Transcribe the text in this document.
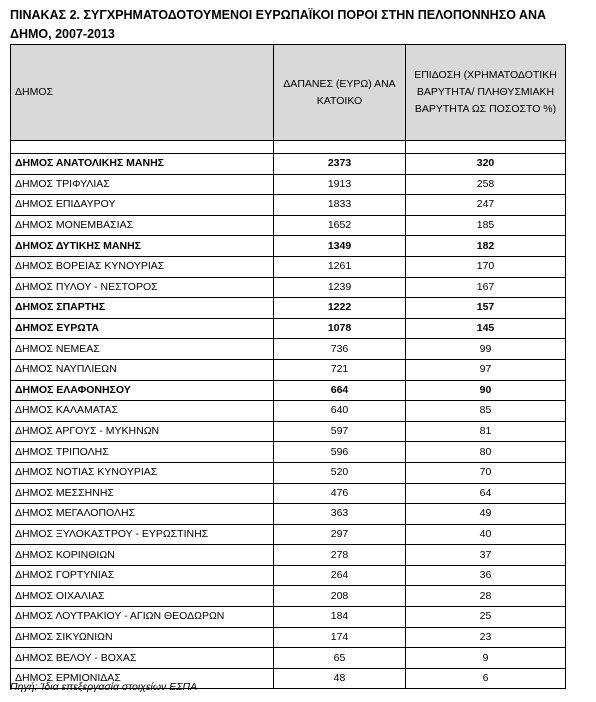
ΠΙΝΑΚΑΣ 2. ΣΥΓΧΡΗΜΑΤΟΔΟΤΟΥΜΕΝΟΙ ΕΥΡΩΠΑΪΚΟΙ ΠΟΡΟΙ ΣΤΗΝ ΠΕΛΟΠΟΝΝΗΣΟ ΑΝΑ ΔΗΜΟ, 2007-2013
ΔΗΜΟΣ	ΔΑΠΑΝΕΣ (ΕΥΡΩ) ΑΝΑ ΚΑΤΟΙΚΟ	ΕΠΙΔΟΣΗ (ΧΡΗΜΑΤΟΔΟΤΙΚΗ ΒΑΡΥΤΗΤΑ/ ΠΛΗΘΥΣΜΙΑΚΗ ΒΑΡΥΤΗΤΑ ΩΣ ΠΟΣΟΣΤΟ %)

ΔΗΜΟΣ ΑΝΑΤΟΛΙΚΗΣ ΜΑΝΗΣ	2373	320
ΔΗΜΟΣ ΤΡΙΦΥΛΙΑΣ	1913	258
ΔΗΜΟΣ ΕΠΙΔΑΥΡΟΥ	1833	247
ΔΗΜΟΣ ΜΟΝΕΜΒΑΣΙΑΣ	1652	185
ΔΗΜΟΣ ΔΥΤΙΚΗΣ ΜΑΝΗΣ	1349	182
ΔΗΜΟΣ ΒΟΡΕΙΑΣ ΚΥΝΟΥΡΙΑΣ	1261	170
ΔΗΜΟΣ ΠΥΛΟΥ - ΝΕΣΤΟΡΟΣ	1239	167
ΔΗΜΟΣ ΣΠΑΡΤΗΣ	1222	157
ΔΗΜΟΣ ΕΥΡΩΤΑ	1078	145
ΔΗΜΟΣ ΝΕΜΕΑΣ	736	99
ΔΗΜΟΣ ΝΑΥΠΛΙΕΩΝ	721	97
ΔΗΜΟΣ ΕΛΑΦΟΝΗΣΟΥ	664	90
ΔΗΜΟΣ ΚΑΛΑΜΑΤΑΣ	640	85
ΔΗΜΟΣ ΑΡΓΟΥΣ - ΜΥΚΗΝΩΝ	597	81
ΔΗΜΟΣ ΤΡΙΠΟΛΗΣ	596	80
ΔΗΜΟΣ ΝΟΤΙΑΣ ΚΥΝΟΥΡΙΑΣ	520	70
ΔΗΜΟΣ ΜΕΣΣΗΝΗΣ	476	64
ΔΗΜΟΣ ΜΕΓΑΛΟΠΟΛΗΣ	363	49
ΔΗΜΟΣ ΞΥΛΟΚΑΣΤΡΟΥ - ΕΥΡΩΣΤΙΝΗΣ	297	40
ΔΗΜΟΣ ΚΟΡΙΝΘΙΩΝ	278	37
ΔΗΜΟΣ ΓΟΡΤΥΝΙΑΣ	264	36
ΔΗΜΟΣ ΟΙΧΑΛΙΑΣ	208	28
ΔΗΜΟΣ ΛΟΥΤΡΑΚΙΟΥ - ΑΓΙΩΝ ΘΕΟΔΩΡΩΝ	184	25
ΔΗΜΟΣ ΣΙΚΥΩΝΙΩΝ	174	23
ΔΗΜΟΣ ΒΕΛΟΥ - ΒΟΧΑΣ	65	9
ΔΗΜΟΣ ΕΡΜΙΟΝΙΔΑΣ	48	6
Πηγή: Ίδια επεξεργασία στοιχείων ΕΣΠΑ
